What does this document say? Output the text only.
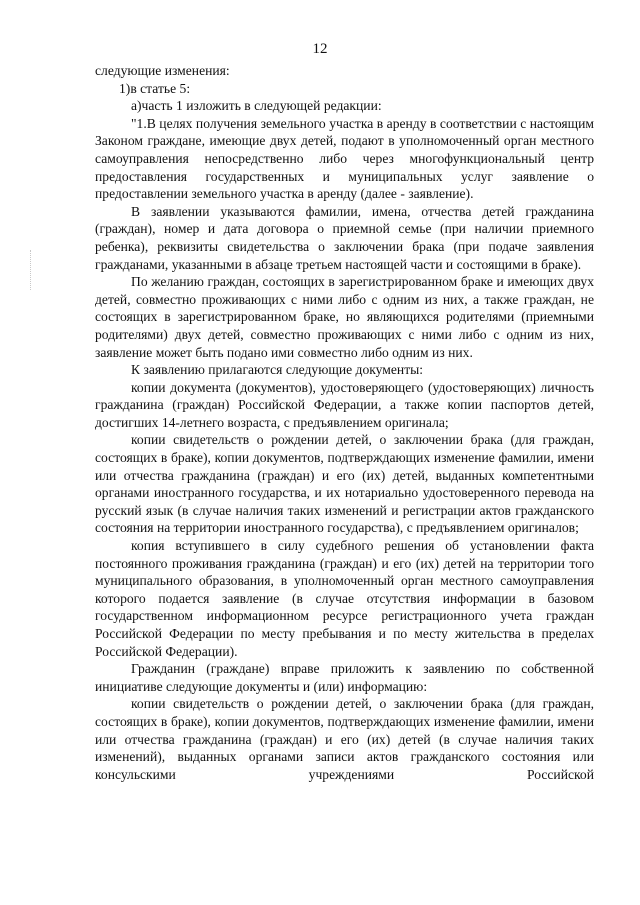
12

следующие изменения:

1)в статье 5:

а)часть 1 изложить в следующей редакции:

"1.В целях получения земельного участка в аренду в соответствии с настоящим Законом граждане, имеющие двух детей, подают в уполномоченный орган местного самоуправления непосредственно либо через многофункциональный центр предоставления государственных и муниципальных услуг заявление о предоставлении земельного участка в аренду (далее - заявление).

В заявлении указываются фамилии, имена, отчества детей гражданина (граждан), номер и дата договора о приемной семье (при наличии приемного ребенка), реквизиты свидетельства о заключении брака (при подаче заявления гражданами, указанными в абзаце третьем настоящей части и состоящими в браке).

По желанию граждан, состоящих в зарегистрированном браке и имеющих двух детей, совместно проживающих с ними либо с одним из них, а также граждан, не состоящих в зарегистрированном браке, но являющихся родителями (приемными родителями) двух детей, совместно проживающих с ними либо с одним из них, заявление может быть подано ими совместно либо одним из них.

К заявлению прилагаются следующие документы:

копии документа (документов), удостоверяющего (удостоверяющих) личность гражданина (граждан) Российской Федерации, а также копии паспортов детей, достигших 14-летнего возраста, с предъявлением оригинала;

копии свидетельств о рождении детей, о заключении брака (для граждан, состоящих в браке), копии документов, подтверждающих изменение фамилии, имени или отчества гражданина (граждан) и его (их) детей, выданных компетентными органами иностранного государства, и их нотариально удостоверенного перевода на русский язык (в случае наличия таких изменений и регистрации актов гражданского состояния на территории иностранного государства), с предъявлением оригиналов;

копия вступившего в силу судебного решения об установлении факта постоянного проживания гражданина (граждан) и его (их) детей на территории того муниципального образования, в уполномоченный орган местного самоуправления которого подается заявление (в случае отсутствия информации в базовом государственном информационном ресурсе регистрационного учета граждан Российской Федерации по месту пребывания и по месту жительства в пределах Российской Федерации).

Гражданин (граждане) вправе приложить к заявлению по собственной инициативе следующие документы и (или) информацию:

копии свидетельств о рождении детей, о заключении брака (для граждан, состоящих в браке), копии документов, подтверждающих изменение фамилии, имени или отчества гражданина (граждан) и его (их) детей (в случае наличия таких изменений), выданных органами записи актов гражданского состояния или консульскими учреждениями Российской
